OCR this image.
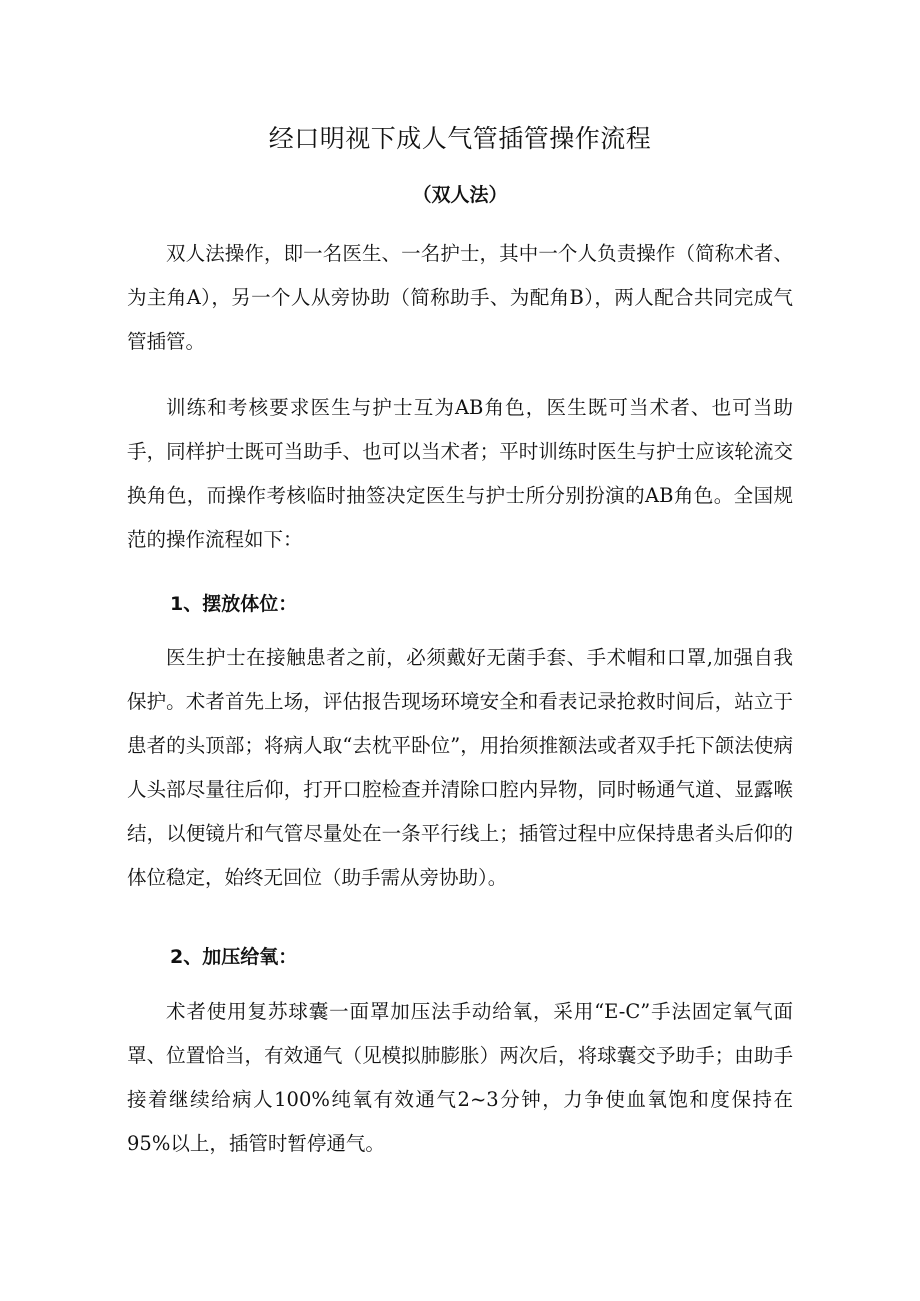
经口明视下成人气管插管操作流程
（双人法）

双人法操作，即一名医生、一名护士，其中一个人负责操作（简称术者、为主角A），另一个人从旁协助（简称助手、为配角B），两人配合共同完成气管插管。

训练和考核要求医生与护士互为AB角色，医生既可当术者、也可当助手，同样护士既可当助手、也可以当术者；平时训练时医生与护士应该轮流交换角色，而操作考核临时抽签决定医生与护士所分别扮演的AB角色。全国规范的操作流程如下：

1、摆放体位：

医生护士在接触患者之前，必须戴好无菌手套、手术帽和口罩,加强自我保护。术者首先上场，评估报告现场环境安全和看表记录抢救时间后，站立于患者的头顶部；将病人取“去枕平卧位”，用抬须推额法或者双手托下颌法使病人头部尽量往后仰，打开口腔检查并清除口腔内异物，同时畅通气道、显露喉结，以便镜片和气管尽量处在一条平行线上；插管过程中应保持患者头后仰的体位稳定，始终无回位（助手需从旁协助）。

2、加压给氧：

术者使用复苏球囊一面罩加压法手动给氧，采用“E-C”手法固定氧气面罩、位置恰当，有效通气（见模拟肺膨胀）两次后，将球囊交予助手；由助手接着继续给病人100%纯氧有效通气2~3分钟，力争使血氧饱和度保持在95%以上，插管时暂停通气。
